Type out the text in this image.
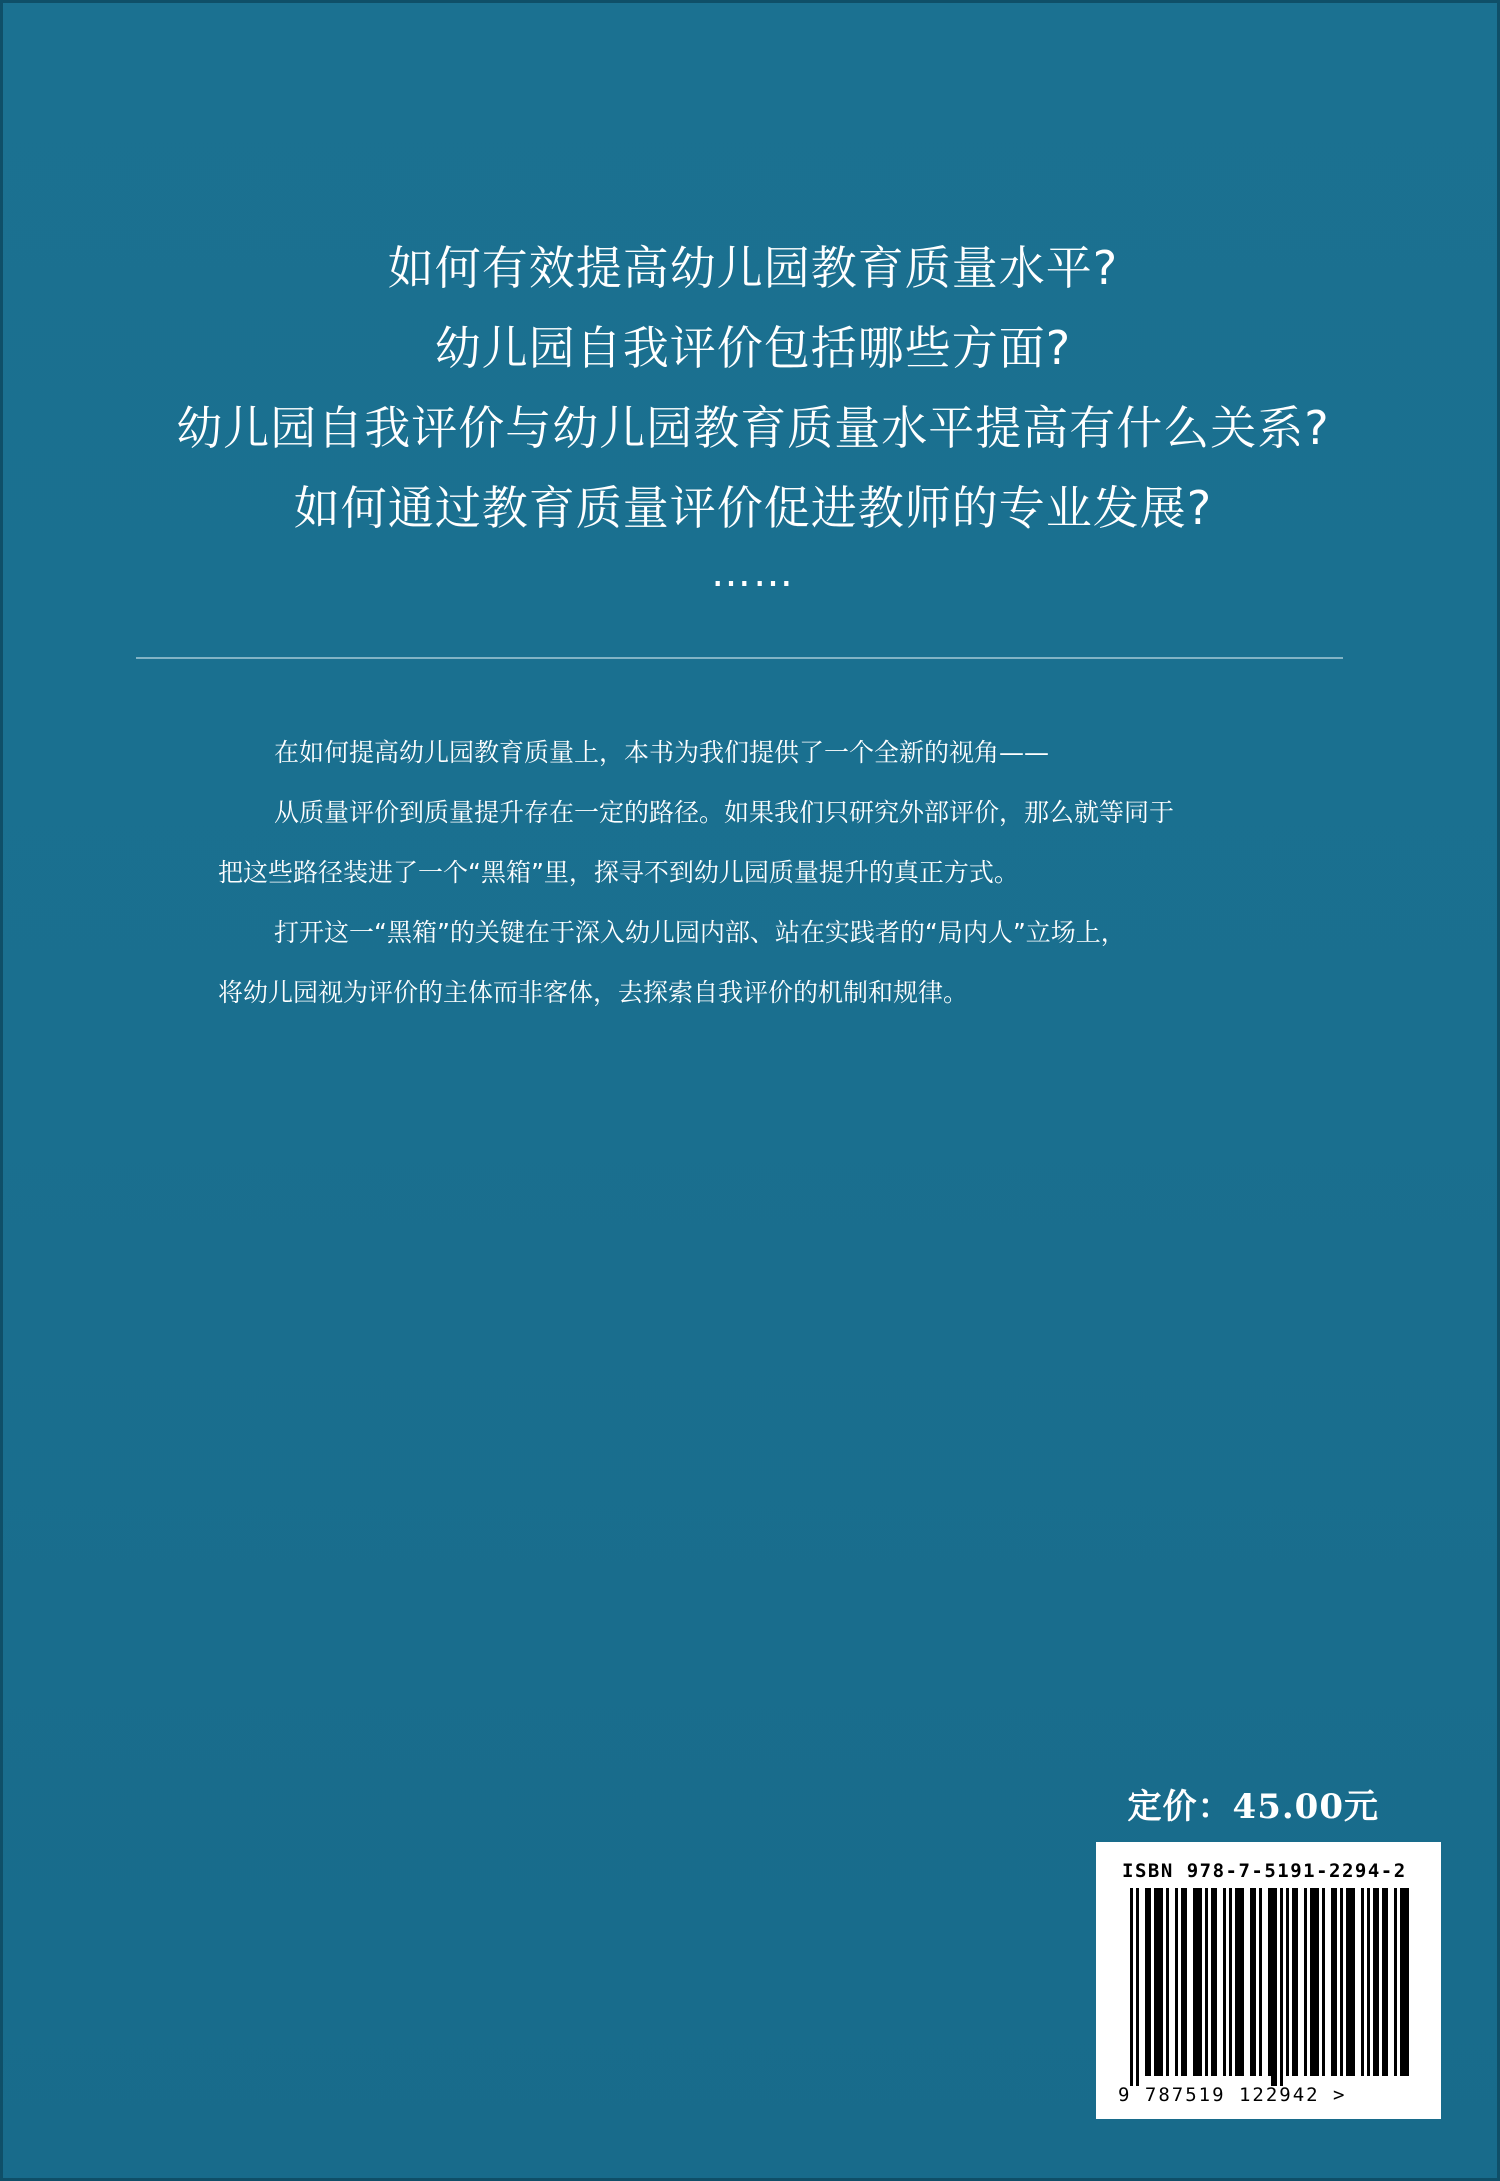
如何有效提高幼儿园教育质量水平?
幼儿园自我评价包括哪些方面?
幼儿园自我评价与幼儿园教育质量水平提高有什么关系?
如何通过教育质量评价促进教师的专业发展?
……

在如何提高幼儿园教育质量上，本书为我们提供了一个全新的视角——

从质量评价到质量提升存在一定的路径。如果我们只研究外部评价，那么就等同于

把这些路径装进了一个“黑箱”里，探寻不到幼儿园质量提升的真正方式。

打开这一“黑箱”的关键在于深入幼儿园内部、站在实践者的“局内人”立场上，

将幼儿园视为评价的主体而非客体，去探索自我评价的机制和规律。

定价：45.00元
ISBN 978-7-5191-2294-2
9 787519 122942 >
